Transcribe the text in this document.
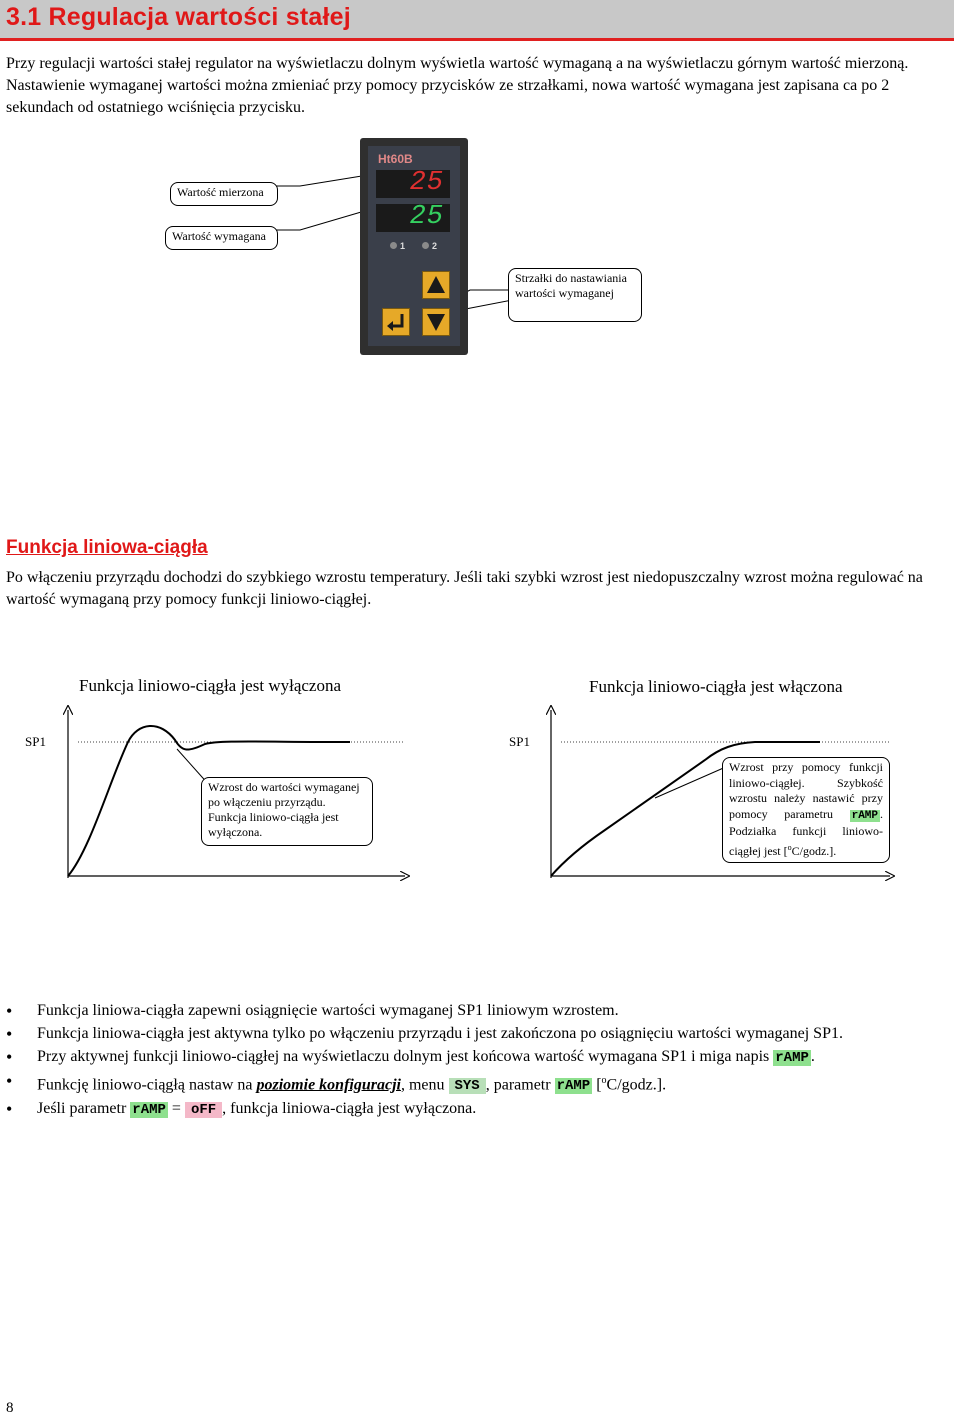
3.1 Regulacja wartości stałej
Przy regulacji wartości stałej regulator na wyświetlaczu dolnym wyświetla wartość wymaganą a na wyświetlaczu górnym wartość mierzoną. Nastawienie wymaganej wartości można zmieniać przy pomocy przycisków ze strzałkami, nowa wartość wymagana jest zapisana ca po 2 sekundach od ostatniego wciśnięcia przycisku.
Wartość mierzona
Wartość wymagana
Strzałki do nastawiania wartości wymaganej
Ht60B
25
25
1	2
Funkcja liniowa-ciągła
Po włączeniu przyrządu dochodzi do szybkiego wzrostu temperatury. Jeśli taki szybki wzrost jest niedopuszczalny wzrost można regulować na wartość wymaganą przy pomocy funkcji liniowo-ciągłej.
Funkcja liniowo-ciągła jest wyłączona	Funkcja liniowo-ciągła jest włączona
SP1
Wzrost do wartości wymaganej po włączeniu przyrządu. Funkcja liniowo-ciągła jest wyłączona.
SP1
Wzrost przy pomocy funkcji liniowo-ciągłej. Szybkość wzrostu należy nastawić przy pomocy parametru rAMP . Podziałka funkcji liniowo-ciągłej jest [$^o$C/godz.].
• Funkcja liniowa-ciągła zapewni osiągnięcie wartości wymaganej SP1 liniowym wzrostem.
• Funkcja liniowa-ciągła jest aktywna tylko po włączeniu przyrządu i jest zakończona po osiągnięciu wartości wymaganej SP1.
• Przy aktywnej funkcji liniowo-ciągłej na wyświetlaczu dolnym jest końcowa wartość wymagana SP1 i miga napis rAMP .
• Funkcję liniowo-ciągłą nastaw na poziomie konfiguracji, menu SYS , parametr rAMP [$^o$C/godz.].
• Jeśli parametr rAMP = oFF , funkcja liniowa-ciągła jest wyłączona.
8
